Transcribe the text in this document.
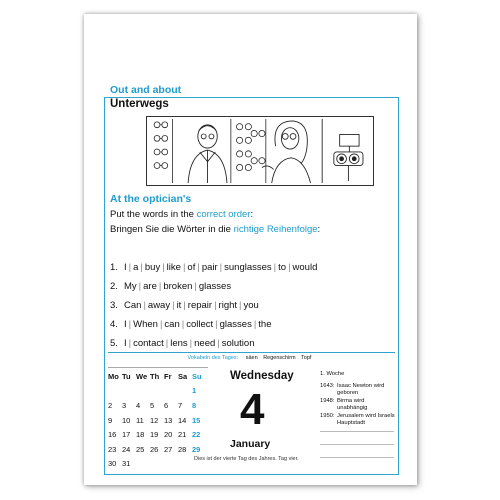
Out and about
Unterwegs
At the optician's
Put the words in the correct order:
Bringen Sie die Wörter in die richtige Reihenfolge:
1. I | a | buy | like | of | pair | sunglasses | to | would
2. My | are | broken | glasses
3. Can | away | it | repair | right | you
4. I | When | can | collect | glasses | the
5. I | contact | lens | need | solution
Vokabeln des Tages: säen Regenschirm Topf
Mo	Tu	We	Th	Fr	Sa	Su
						1
2	3	4	5	6	7	8
9	10	11	12	13	14	15
16	17	18	19	20	21	22
23	24	25	26	27	28	29
30	31					
Wednesday
4
January
1. Woche
1643: Isaac Newton wird geboren
1948: Birma wird unabhängig
1950: Jerusalem wird Israels Hauptstadt
Dies ist der vierte Tag des Jahres. Tag vier.
